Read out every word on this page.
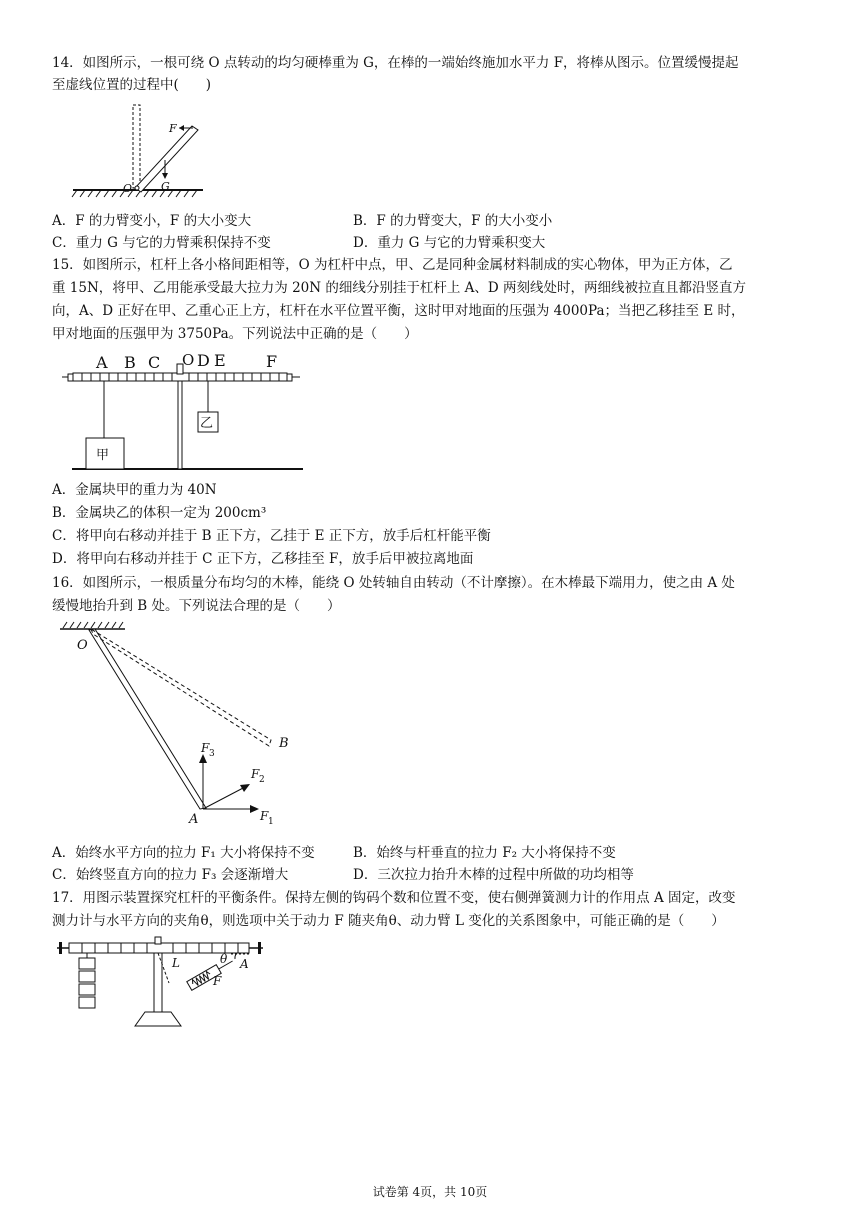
14．如图所示，一根可绕 O 点转动的均匀硬棒重为 G，在棒的一端始终施加水平力 F，将棒从图示。位置缓慢提起
至虚线位置的过程中(　　)
F
O	G
A．F 的力臂变小，F 的大小变大	B．F 的力臂变大，F 的大小变小
C．重力 G 与它的力臂乘积保持不变	D．重力 G 与它的力臂乘积变大
15．如图所示，杠杆上各小格间距相等，O 为杠杆中点，甲、乙是同种金属材料制成的实心物体，甲为正方体，乙
重 15N，将甲、乙用能承受最大拉力为 20N 的细线分别挂于杠杆上 A、D 两刻线处时，两细线被拉直且都沿竖直方
向，A、D 正好在甲、乙重心正上方，杠杆在水平位置平衡，这时甲对地面的压强为 4000Pa；当把乙移挂至 E 时，
甲对地面的压强甲为 3750Pa。下列说法中正确的是（　　）
甲
乙
A B C O D E	F
A．金属块甲的重力为 40N
B．金属块乙的体积一定为 200cm³
C．将甲向右移动并挂于 B 正下方，乙挂于 E 正下方，放手后杠杆能平衡
D．将甲向右移动并挂于 C 正下方，乙移挂至 F，放手后甲被拉离地面
16．如图所示，一根质量分布均匀的木棒，能绕 O 处转轴自由转动（不计摩擦）。在木棒最下端用力，使之由 A 处
缓慢地抬升到 B 处。下列说法合理的是（　　）
O
B
A
F 3
F 2
F 1
A．始终水平方向的拉力 F₁ 大小将保持不变	B．始终与杆垂直的拉力 F₂ 大小将保持不变
C．始终竖直方向的拉力 F₃ 会逐渐增大	D．三次拉力抬升木棒的过程中所做的功均相等
17．用图示装置探究杠杆的平衡条件。保持左侧的钩码个数和位置不变，使右侧弹簧测力计的作用点 A 固定，改变
测力计与水平方向的夹角θ，则选项中关于动力 F 随夹角θ、动力臂 L 变化的关系图象中，可能正确的是（　　）
L	θ A
F
试卷第 4页，共 10页
